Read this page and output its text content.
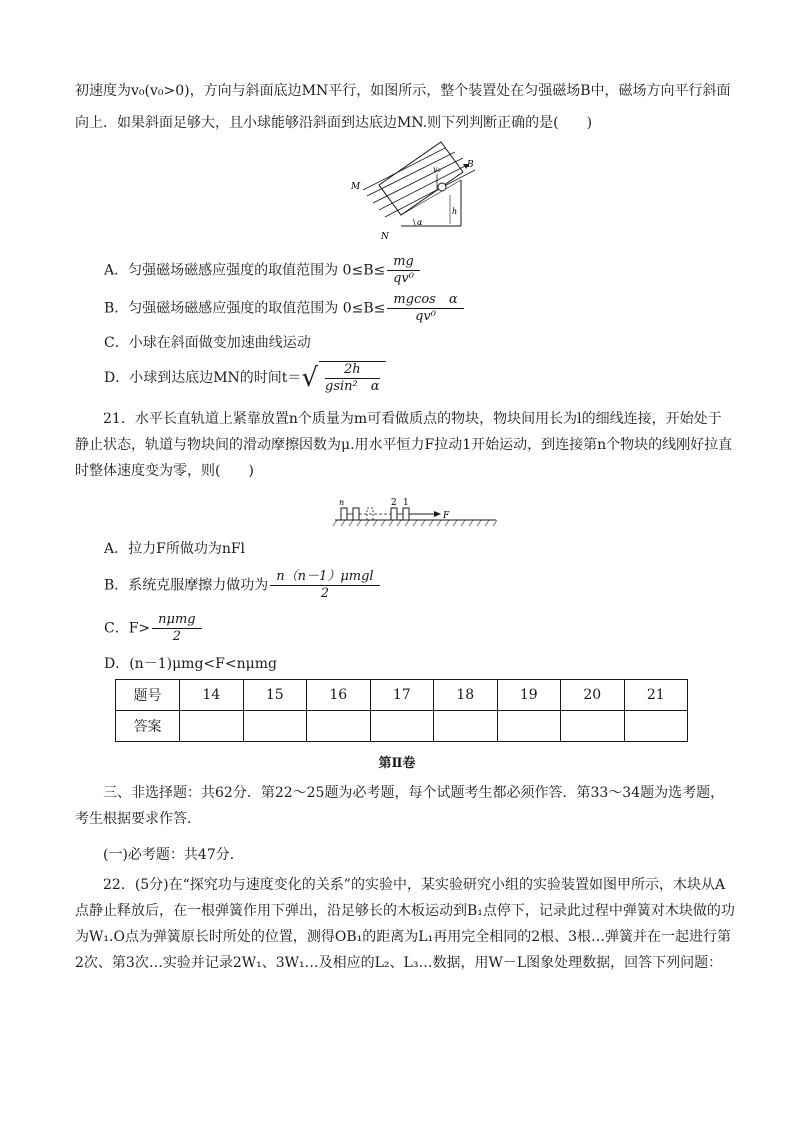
初速度为v₀(v₀>0)，方向与斜面底边MN平行，如图所示，整个装置处在匀强磁场B中，磁场方向平行斜面
向上．如果斜面足够大，且小球能够沿斜面到达底边MN.则下列判断正确的是(　　)
M
N
B
v₀
h
α
A．匀强磁场磁感应强度的取值范围为 $0\le B\le \frac{mg}{\text{qv⁰}}$
B．匀强磁场磁感应强度的取值范围为 $0\le B\le \frac{\text{mgcos　α}}{\text{qv⁰}}$
C．小球在斜面做变加速曲线运动
D．小球到达底边MN的时间$t=√ \frac{2h}{\text{gsin²　α}}$
21．水平长直轨道上紧靠放置n个质量为m可看做质点的物块，物块间用长为l的细线连接，开始处于静止状态，轨道与物块间的滑动摩擦因数为μ.用水平恒力F拉动1开始运动，到连接第n个物块的线刚好拉直时整体速度变为零，则(　　)
n	2 1
F
A．拉力F所做功为nFl
B．系统克服摩擦力做功为 $\frac{\text{n（n－1）μmgl}}{2}$
C．$F> \frac{\text{nμmg}}{2}$
D．(n－1)μmg<F<nμmg
题号	14	15	16	17	18	19	20	21
答案								
第Ⅱ卷
三、非选择题：共62分．第22～25题为必考题，每个试题考生都必须作答．第33～34题为选考题，考生根据要求作答．
(一)必考题：共47分．
22．(5分)在“探究功与速度变化的关系”的实验中，某实验研究小组的实验装置如图甲所示，木块从A点静止释放后，在一根弹簧作用下弹出，沿足够长的木板运动到B₁点停下，记录此过程中弹簧对木块做的功为W₁.O点为弹簧原长时所处的位置，测得OB₁的距离为L₁再用完全相同的2根、3根…弹簧并在一起进行第2次、第3次…实验并记录2W₁、3W₁…及相应的L₂、L₃…数据，用W－L图象处理数据，回答下列问题：
